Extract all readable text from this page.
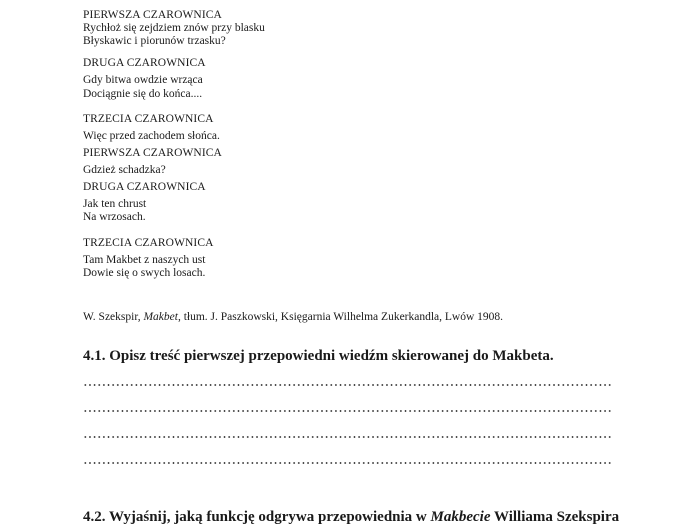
PIERWSZA CZAROWNICA
Rychłoż się zejdziem znów przy blasku
Błyskawic i piorunów trzasku?
DRUGA CZAROWNICA
Gdy bitwa owdzie wrząca
Dociągnie się do końca....
TRZECIA CZAROWNICA
Więc przed zachodem słońca.
PIERWSZA CZAROWNICA
Gdzież schadzka?
DRUGA CZAROWNICA
Jak ten chrust
Na wrzosach.
TRZECIA CZAROWNICA
Tam Makbet z naszych ust
Dowie się o swych losach.
W. Szekspir, Makbet, tłum. J. Paszkowski, Księgarnia Wilhelma Zukerkandla, Lwów 1908.
4.1. Opisz treść pierwszej przepowiedni wiedźm skierowanej do Makbeta.
4.2. Wyjaśnij, jaką funkcję odgrywa przepowiednia w Makbecie Williama Szekspira
